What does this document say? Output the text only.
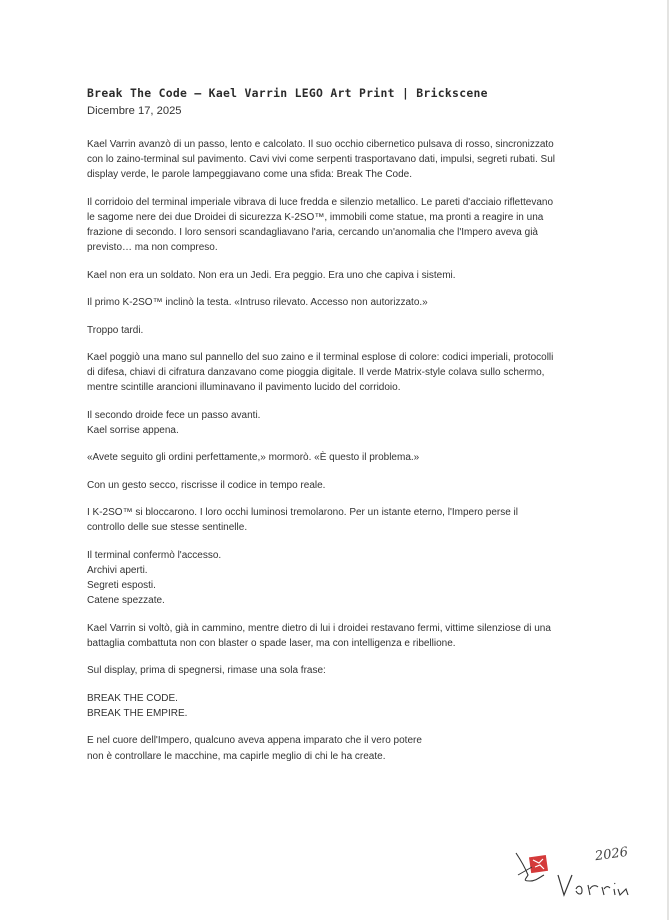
Break The Code – Kael Varrin LEGO Art Print | Brickscene
Dicembre 17, 2025

Kael Varrin avanzò di un passo, lento e calcolato. Il suo occhio cibernetico pulsava di rosso, sincronizzato con lo zaino-terminal sul pavimento. Cavi vivi come serpenti trasportavano dati, impulsi, segreti rubati. Sul display verde, le parole lampeggiavano come una sfida: Break The Code.

Il corridoio del terminal imperiale vibrava di luce fredda e silenzio metallico. Le pareti d'acciaio riflettevano le sagome nere dei due Droidei di sicurezza K-2SO™, immobili come statue, ma pronti a reagire in una frazione di secondo. I loro sensori scandagliavano l'aria, cercando un'anomalia che l'Impero aveva già previsto… ma non compreso.

Kael non era un soldato. Non era un Jedi. Era peggio. Era uno che capiva i sistemi.

Il primo K-2SO™ inclinò la testa. «Intruso rilevato. Accesso non autorizzato.»

Troppo tardi.

Kael poggiò una mano sul pannello del suo zaino e il terminal esplose di colore: codici imperiali, protocolli di difesa, chiavi di cifratura danzavano come pioggia digitale. Il verde Matrix-style colava sullo schermo, mentre scintille arancioni illuminavano il pavimento lucido del corridoio.

Il secondo droide fece un passo avanti.
Kael sorrise appena.

«Avete seguito gli ordini perfettamente,» mormorò. «È questo il problema.»

Con un gesto secco, riscrisse il codice in tempo reale.

I K-2SO™ si bloccarono. I loro occhi luminosi tremolarono. Per un istante eterno, l'Impero perse il controllo delle sue stesse sentinelle.

Il terminal confermò l'accesso.
Archivi aperti.
Segreti esposti.
Catene spezzate.

Kael Varrin si voltò, già in cammino, mentre dietro di lui i droidei restavano fermi, vittime silenziose di una battaglia combattuta non con blaster o spade laser, ma con intelligenza e ribellione.

Sul display, prima di spegnersi, rimase una sola frase:

BREAK THE CODE.
BREAK THE EMPIRE.

E nel cuore dell'Impero, qualcuno aveva appena imparato che il vero potere
non è controllare le macchine, ma capirle meglio di chi le ha create.

2026
